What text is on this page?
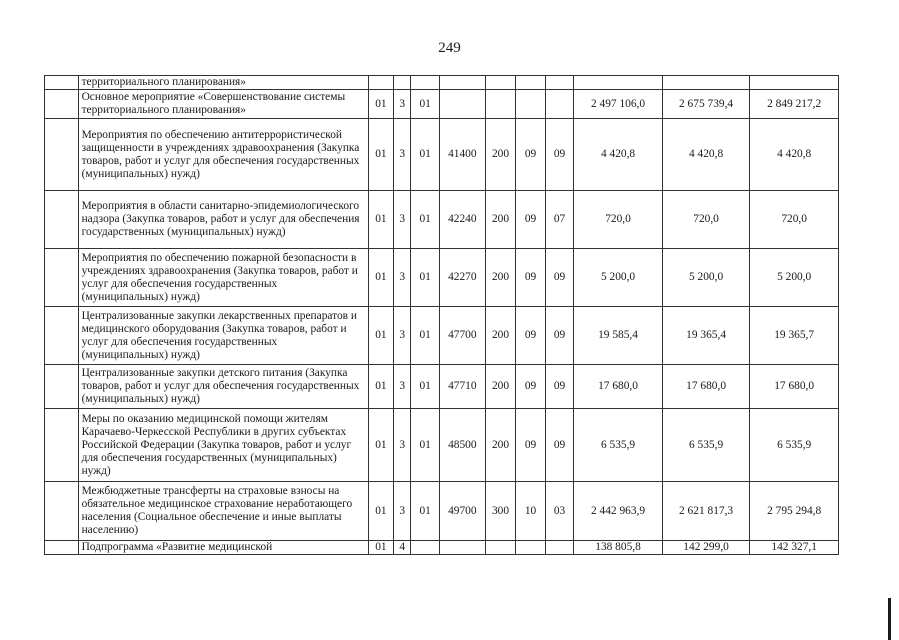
249
	территориального планирования»										
	Основное мероприятие «Совершенствование системы территориального планирования»	01	3	01					2 497 106,0	2 675 739,4	2 849 217,2
	Мероприятия по обеспечению антитеррористической защищенности в учреждениях здравоохранения (Закупка товаров, работ и услуг для обеспечения государственных (муниципальных) нужд)	01	3	01	41400	200	09	09	4 420,8	4 420,8	4 420,8
	Мероприятия в области санитарно-эпидемиологического надзора (Закупка товаров, работ и услуг для обеспечения государственных (муниципальных) нужд)	01	3	01	42240	200	09	07	720,0	720,0	720,0
	Мероприятия по обеспечению пожарной безопасности в учреждениях здравоохранения (Закупка товаров, работ и услуг для обеспечения государственных (муниципальных) нужд)	01	3	01	42270	200	09	09	5 200,0	5 200,0	5 200,0
	Централизованные закупки лекарственных препаратов и медицинского оборудования (Закупка товаров, работ и услуг для обеспечения государственных (муниципальных) нужд)	01	3	01	47700	200	09	09	19 585,4	19 365,4	19 365,7
	Централизованные закупки детского питания (Закупка товаров, работ и услуг для обеспечения государственных (муниципальных) нужд)	01	3	01	47710	200	09	09	17 680,0	17 680,0	17 680,0
	Меры по оказанию медицинской помощи жителям Карачаево-Черкесской Республики в других субъектах Российской Федерации (Закупка товаров, работ и услуг для обеспечения государственных (муниципальных) нужд)	01	3	01	48500	200	09	09	6 535,9	6 535,9	6 535,9
	Межбюджетные трансферты на страховые взносы на обязательное медицинское страхование неработающего населения (Социальное обеспечение и иные выплаты населению)	01	3	01	49700	300	10	03	2 442 963,9	2 621 817,3	2 795 294,8
	Подпрограмма «Развитие медицинской	01	4						138 805,8	142 299,0	142 327,1
